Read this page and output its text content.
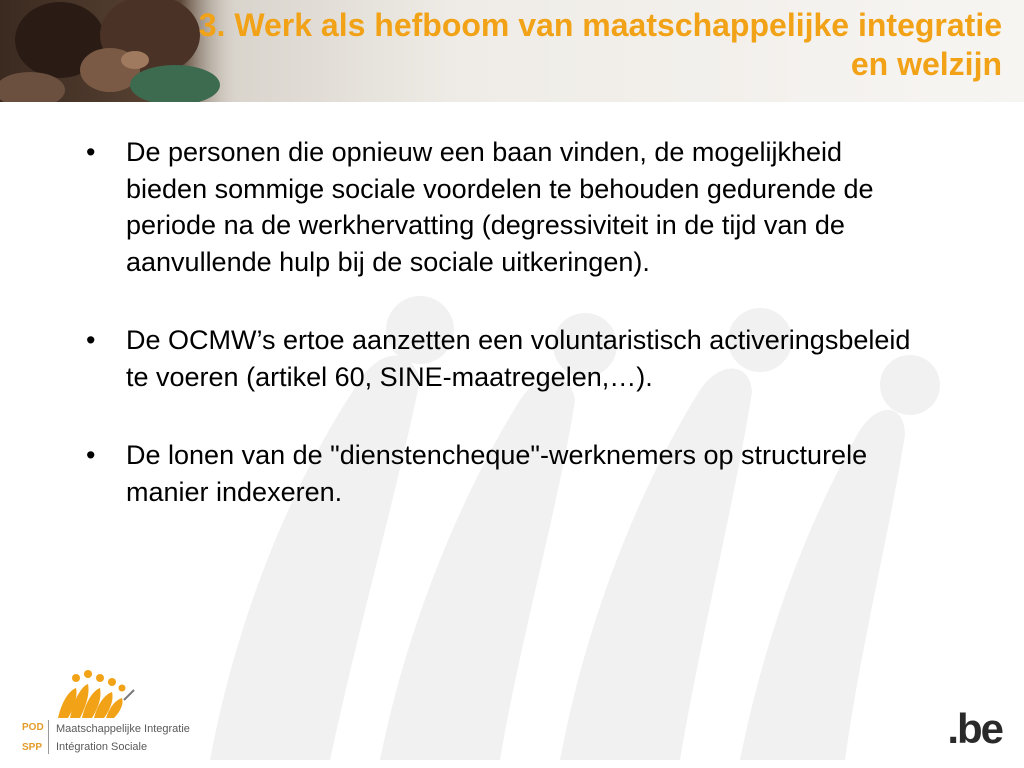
3. Werk als hefboom van maatschappelijke integratie en welzijn
• De personen die opnieuw een baan vinden, de mogelijkheid bieden sommige sociale voordelen te behouden gedurende de periode na de werkhervatting (degressiviteit in de tijd van de aanvullende hulp bij de sociale uitkeringen).
• De OCMW’s ertoe aanzetten een voluntaristisch activeringsbeleid te voeren (artikel 60, SINE-maatregelen,…).
• De lonen van de "dienstencheque"-werknemers op structurele manier indexeren.
POD
SPP
Maatschappelijke Integratie
Intégration Sociale	.be
